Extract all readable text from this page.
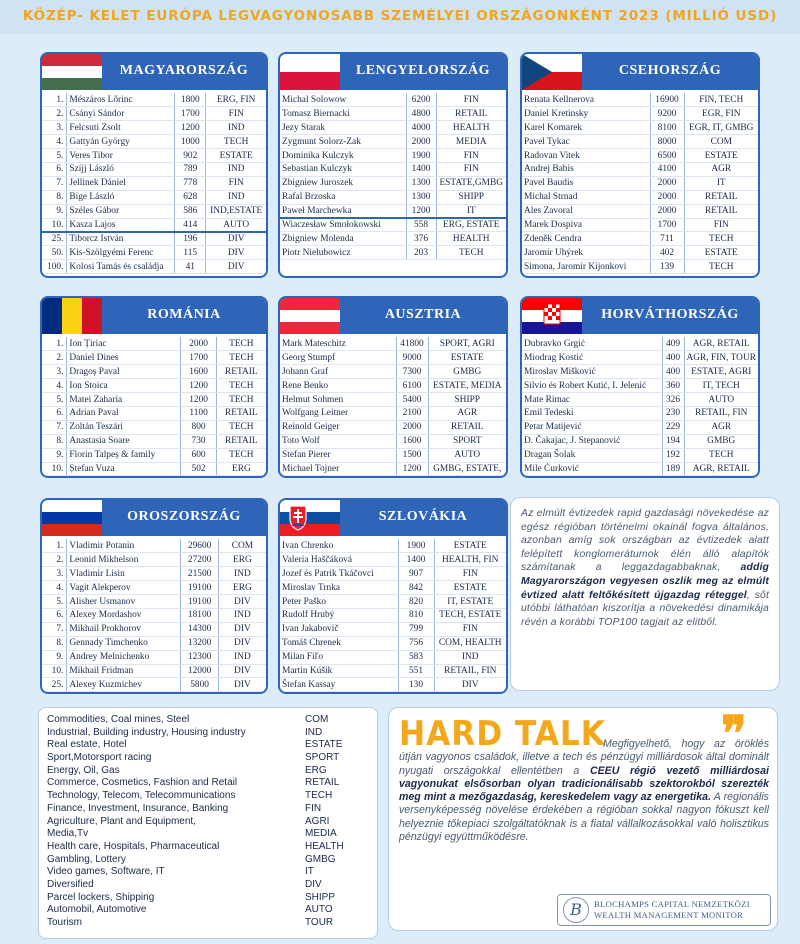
KÖZÉP- KELET EURÓPA LEGVAGYONOSABB SZEMÉLYEI ORSZÁGONKÉNT 2023 (MILLIÓ USD)
MAGYARORSZÁG
1.	Mészáros Lőrinc	1800	ERG, FIN
2.	Csányi Sándor	1700	FIN
3.	Felcsuti Zsolt	1200	IND
4.	Gattyán György	1000	TECH
5.	Veres Tibor	902	ESTATE
6.	Szíjj László	789	IND
7.	Jellinek Dániel	778	FIN
8.	Bige László	628	IND
9.	Széles Gábor	586	IND,ESTATE
10.	Kasza Lajos	414	AUTO
25.	Tiborcz István	196	DIV
50.	Kis-Szölgyémi Ferenc	115	DIV
100.	Kolosi Tamás és családja	41	DIV
LENGYELORSZÁG
Michal Solowow	6200	FIN
Tomasz Biernacki	4800	RETAIL
Jezy Starak	4000	HEALTH
Zygmunt Solorz-Zak	2000	MEDIA
Dominika Kulczyk	1900	FIN
Sebastian Kulczyk	1400	FIN
Zbigniew Juroszek	1300	ESTATE,GMBG
Rafal Brzoska	1300	SHIPP
Paweł Marchewka	1200	IT
Wiaczesław Smołokowski	558	ERG, ESTATE
Zbigniew Molenda	376	HEALTH
Piotr Nielubowicz	203	TECH
CSEHORSZÁG
Renata Kellnerova	16900	FIN, TECH
Daniel Kretinsky	9200	EGR, FIN
Karel Komarek	8100	EGR, IT, GMBG
Pavel Tykac	8000	COM
Radovan Vitek	6500	ESTATE
Andrej Babis	4100	AGR
Pavel Baudis	2000	IT
Michal Strnad	2000	RETAIL
Ales Zavoral	2000	RETAIL
Marek Dospiva	1700	FIN
Zdeněk Cendra	711	TECH
Jaromír Uhýrek	402	ESTATE
Simona, Jaromír Kijonkovi	139	TECH
ROMÁNIA
1.	Ion Țiriac	2000	TECH
2.	Daniel Dines	1700	TECH
3.	Dragoș Paval	1600	RETAIL
4.	Ion Stoica	1200	TECH
5.	Matei Zaharia	1200	TECH
6.	Adrian Paval	1100	RETAIL
7.	Zoltán Teszári	800	TECH
8.	Anastasia Soare	730	RETAIL
9.	Florin Talpeș & family	600	TECH
10.	Ștefan Vuza	502	ERG
AUSZTRIA
Mark Mateschitz	41800	SPORT, AGRI
Georg Stumpf	9000	ESTATE
Johann Graf	7300	GMBG
Rene Benko	6100	ESTATE, MEDIA
Helmut Sohmen	5400	SHIPP
Wolfgang Leitner	2100	AGR
Reinold Geiger	2000	RETAIL
Toto Wolf	1600	SPORT
Stefan Pierer	1500	AUTO
Michael Tojner	1200	GMBG, ESTATE,
HORVÁTHORSZÁG
Dubravko Grgić	409	AGR, RETAIL
Miodrag Kostić	400	AGR, FIN, TOUR
Miroslav Mišković	400	ESTATE, AGRI
Silvio és Robert Kutić, I. Jelenić	360	IT, TECH
Mate Rimac	326	AUTO
Emil Tedeski	230	RETAIL, FIN
Petar Matijević	229	AGR
D. Čakajac, J. Stepanović	194	GMBG
Dragan Šolak	192	TECH
Mile Ćurković	189	AGR, RETAIL
OROSZORSZÁG
1.	Vladimir Potanin	29600	COM
2.	Leonid Mikhelson	27200	ERG
3.	Vladimir Lisin	21500	IND
4.	Vagit Alekperov	19100	ERG
5.	Alisher Usmanov	19100	DIV
6.	Alexey Mordashov	18100	IND
7.	Mikhail Prokhorov	14300	DIV
8.	Gennady Timchenko	13200	DIV
9.	Andrey Melnichenko	12300	IND
10.	Mikhail Fridman	12000	DIV
25.	Alexey Kuzmichev	5800	DIV
SZLOVÁKIA
Ivan Chrenko	1900	ESTATE
Valeria Haščáková	1400	HEALTH, FIN
Jozef és Patrik Tkáčovci	907	FIN
Miroslav Trnka	842	ESTATE
Peter Paško	820	IT, ESTATE
Rudolf Hrubý	810	TECH, ESTATE
Ivan Jakabovič	799	FIN
Tomáš Chrenek	756	COM, HEALTH
Milan Fiľo	583	IND
Martin Kúšik	551	RETAIL, FIN
Štefan Kassay	130	DIV
Az elmúlt évtizedek rapid gazdasági növekedése az egész régióban történelmi okainál fogva általános, azonban amíg sok országban az évtizedek alatt felépített konglomerátumok élén álló alapítók számítanak a leggazdagabbaknak, addig Magyarországon vegyesen oszlik meg az elmúlt évtized alatt feltőkésített újgazdag réteggel, sőt utóbbi láthatóan kiszorítja a növekedési dinamikája révén a korábbi TOP100 tagjait az elitből.
Commodities, Coal mines, Steel	COM
Industrial, Building industry, Housing industry	IND
Real estate, Hotel	ESTATE
Sport,Motorsport racing	SPORT
Energy, Oil, Gas	ERG
Commerce, Cosmetics, Fashion and Retail	RETAIL
Technology, Telecom, Telecommunications	TECH
Finance, Investment, Insurance, Banking	FIN
Agriculture, Plant and Equipment,	AGRI
Media,Tv	MEDIA
Health care, Hospitals, Pharmaceutical	HEALTH
Gambling, Lottery	GMBG
Video games, Software, IT	IT
Diversified	DIV
Parcel lockers, Shipping	SHIPP
Automobil, Automotive	AUTO
Tourism	TOUR
HARD TALK ❞
Megfigyelhető, hogy az öröklés útján vagyonos családok, illetve a tech és pénzügyi milliárdosok által dominált nyugati országokkal ellentétben a CEEU régió vezető milliárdosai vagyonukat elsősorban olyan tradicionálisabb szektorokból szerezték meg mint a mezőgazdaság, kereskedelem vagy az energetika. A regionális versenyképesség növelése érdekében a régióban sokkal nagyon fókuszt kell helyeznie tőkepiaci szolgáltatóknak is a fiatal vállalkozásokkal való holisztikus pénzügyi együttműködésre.
B	BLOCHAMPS CAPITAL NEMZETKÖZI
WEALTH MANAGEMENT MONITOR
